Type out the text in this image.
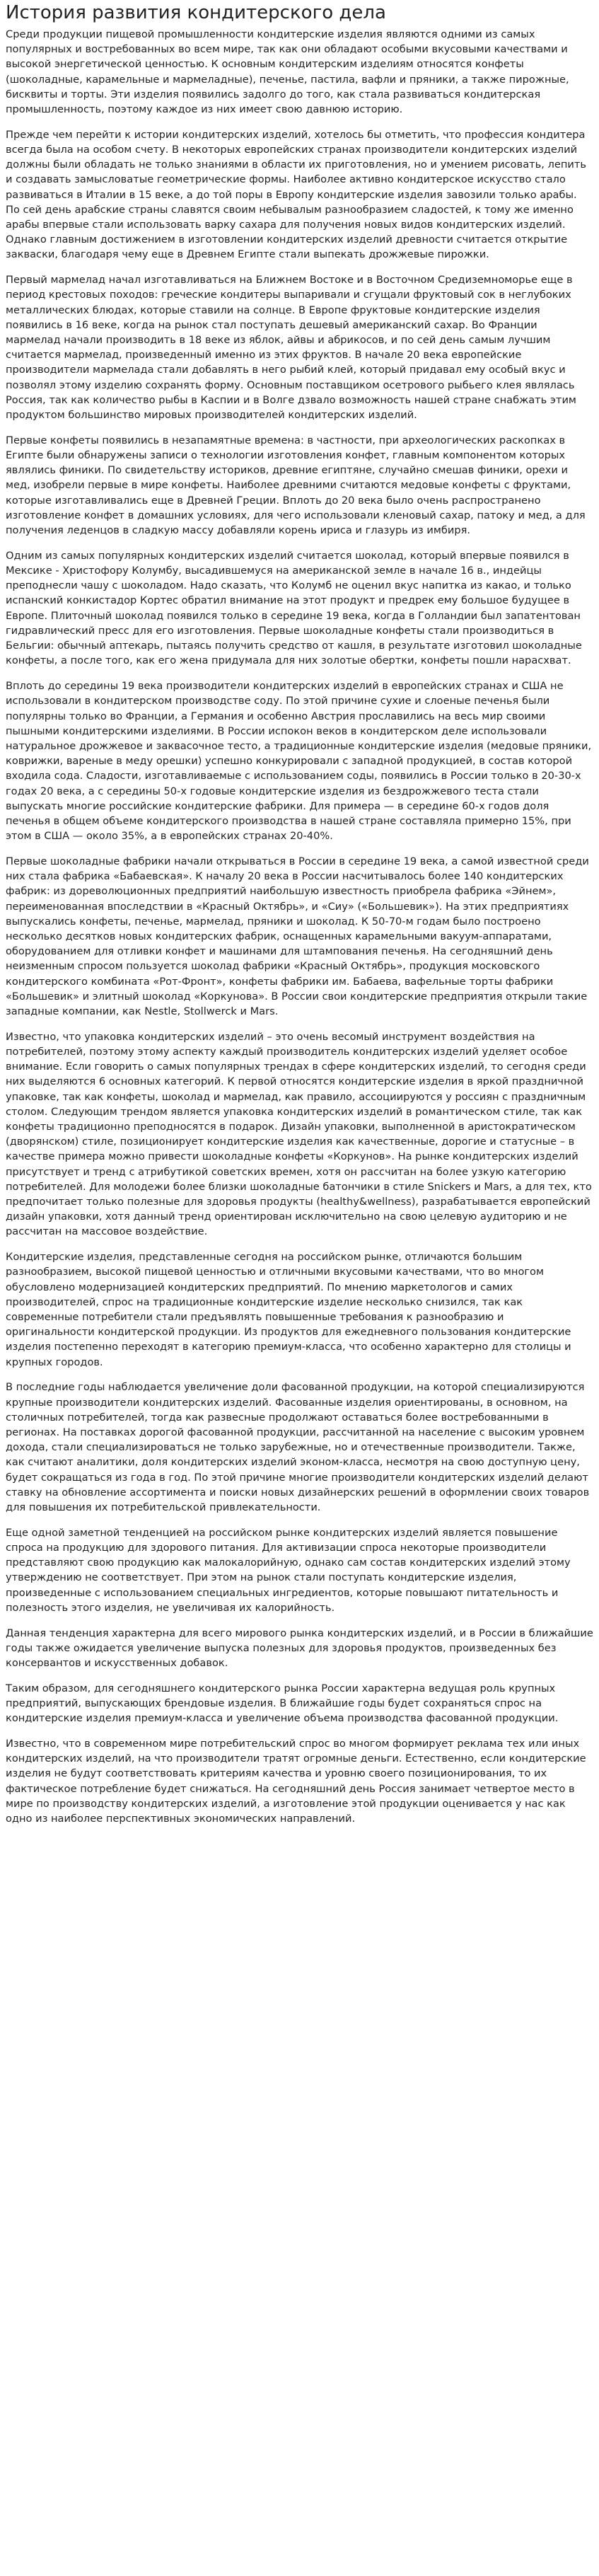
История развития кондитерского дела

Среди продукции пищевой промышленности кондитерские изделия являются одними из самых популярных и востребованных во всем мире, так как они обладают особыми вкусовыми качествами и высокой энергетической ценностью. К основным кондитерским изделиям относятся конфеты (шоколадные, карамельные и мармеладные), печенье, пастила, вафли и пряники, а также пирожные, бисквиты и торты. Эти изделия появились задолго до того, как стала развиваться кондитерская промышленность, поэтому каждое из них имеет свою давнюю историю.

Прежде чем перейти к истории кондитерских изделий, хотелось бы отметить, что профессия кондитера всегда была на особом счету. В некоторых европейских странах производители кондитерских изделий должны были обладать не только знаниями в области их приготовления, но и умением рисовать, лепить и создавать замысловатые геометрические формы. Наиболее активно кондитерское искусство стало развиваться в Италии в 15 веке, а до той поры в Европу кондитерские изделия завозили только арабы. По сей день арабские страны славятся своим небывалым разнообразием сладостей, к тому же именно арабы впервые стали использовать варку сахара для получения новых видов кондитерских изделий. Однако главным достижением в изготовлении кондитерских изделий древности считается открытие закваски, благодаря чему еще в Древнем Египте стали выпекать дрожжевые пирожки.

Первый мармелад начал изготавливаться на Ближнем Востоке и в Восточном Средиземноморье еще в период крестовых походов: греческие кондитеры выпаривали и сгущали фруктовый сок в неглубоких металлических блюдах, которые ставили на солнце. В Европе фруктовые кондитерские изделия появились в 16 веке, когда на рынок стал поступать дешевый американский сахар. Во Франции мармелад начали производить в 18 веке из яблок, айвы и абрикосов, и по сей день самым лучшим считается мармелад, произведенный именно из этих фруктов. В начале 20 века европейские производители мармелада стали добавлять в него рыбий клей, который придавал ему особый вкус и позволял этому изделию сохранять форму. Основным поставщиком осетрового рыбьего клея являлась Россия, так как количество рыбы в Каспии и в Волге дзвало возможность нашей стране снабжать этим продуктом большинство мировых производителей кондитерских изделий.

Первые конфеты появились в незапамятные времена: в частности, при археологических раскопках в Египте были обнаружены записи о технологии изготовления конфет, главным компонентом которых являлись финики. По свидетельству историков, древние египтяне, случайно смешав финики, орехи и мед, изобрели первые в мире конфеты. Наиболее древними считаются медовые конфеты с фруктами, которые изготавливались еще в Древней Греции. Вплоть до 20 века было очень распространено изготовление конфет в домашних условиях, для чего использовали кленовый сахар, патоку и мед, а для получения леденцов в сладкую массу добавляли корень ириса и глазурь из имбиря.

Одним из самых популярных кондитерских изделий считается шоколад, который впервые появился в Мексике - Христофору Колумбу, высадившемуся на американской земле в начале 16 в., индейцы преподнесли чашу с шоколадом. Надо сказать, что Колумб не оценил вкус напитка из какао, и только испанский конкистадор Кортес обратил внимание на этот продукт и предрек ему большое будущее в Европе. Плиточный шоколад появился только в середине 19 века, когда в Голландии был запатентован гидравлический пресс для его изготовления. Первые шоколадные конфеты стали производиться в Бельгии: обычный аптекарь, пытаясь получить средство от кашля, в результате изготовил шоколадные конфеты, а после того, как его жена придумала для них золотые обертки, конфеты пошли нарасхват.

Вплоть до середины 19 века производители кондитерских изделий в европейских странах и США не использовали в кондитерском производстве соду. По этой причине сухие и слоеные печенья были популярны только во Франции, а Германия и особенно Австрия прославились на весь мир своими пышными кондитерскими изделиями. В России испокон веков в кондитерском деле использовали натуральное дрожжевое и заквасочное тесто, а традиционные кондитерские изделия (медовые пряники, коврижки, вареные в меду орешки) успешно конкурировали с западной продукцией, в состав которой входила сода. Сладости, изготавливаемые с использованием соды, появились в России только в 20-30-х годах 20 века, а с середины 50-х годовые кондитерские изделия из бездрожжевого теста стали выпускать многие российские кондитерские фабрики. Для примера — в середине 60-х годов доля печенья в общем объеме кондитерского производства в нашей стране составляла примерно 15%, при этом в США — около 35%, а в европейских странах 20-40%.

Первые шоколадные фабрики начали открываться в России в середине 19 века, а самой известной среди них стала фабрика «Бабаевская». К началу 20 века в России насчитывалось более 140 кондитерских фабрик: из дореволюционных предприятий наибольшую известность приобрела фабрика «Эйнем», переименованная впоследствии в «Красный Октябрь», и «Сиу» («Большевик»). На этих предприятиях выпускались конфеты, печенье, мармелад, пряники и шоколад. К 50-70-м годам было построено несколько десятков новых кондитерских фабрик, оснащенных карамельными вакуум-аппаратами, оборудованием для отливки конфет и машинами для штампования печенья. На сегодняшний день неизменным спросом пользуется шоколад фабрики «Красный Октябрь», продукция московского кондитерского комбината «Рот-Фронт», конфеты фабрики им. Бабаева, вафельные торты фабрики «Большевик» и элитный шоколад «Коркунова». В России свои кондитерские предприятия открыли такие западные компании, как Nestle, Stollwerck и Mars.

Известно, что упаковка кондитерских изделий – это очень весомый инструмент воздействия на потребителей, поэтому этому аспекту каждый производитель кондитерских изделий уделяет особое внимание. Если говорить о самых популярных трендах в сфере кондитерских изделий, то сегодня среди них выделяются 6 основных категорий. К первой относятся кондитерские изделия в яркой праздничной упаковке, так как конфеты, шоколад и мармелад, как правило, ассоциируются у россиян с праздничным столом. Следующим трендом является упаковка кондитерских изделий в романтическом стиле, так как конфеты традиционно преподносятся в подарок. Дизайн упаковки, выполненной в аристократическом (дворянском) стиле, позиционирует кондитерские изделия как качественные, дорогие и статусные – в качестве примера можно привести шоколадные конфеты «Коркунов». На рынке кондитерских изделий присутствует и тренд с атрибутикой советских времен, хотя он рассчитан на более узкую категорию потребителей. Для молодежи более близки шоколадные батончики в стиле Snickers и Mars, а для тех, кто предпочитает только полезные для здоровья продукты (healthy&wellness), разрабатывается европейский дизайн упаковки, хотя данный тренд ориентирован исключительно на свою целевую аудиторию и не рассчитан на массовое воздействие.

Кондитерские изделия, представленные сегодня на российском рынке, отличаются большим разнообразием, высокой пищевой ценностью и отличными вкусовыми качествами, что во многом обусловлено модернизацией кондитерских предприятий. По мнению маркетологов и самих производителей, спрос на традиционные кондитерские изделие несколько снизился, так как современные потребители стали предъявлять повышенные требования к разнообразию и оригинальности кондитерской продукции. Из продуктов для ежедневного пользования кондитерские изделия постепенно переходят в категорию премиум-класса, что особенно характерно для столицы и крупных городов.

В последние годы наблюдается увеличение доли фасованной продукции, на которой специализируются крупные производители кондитерских изделий. Фасованные изделия ориентированы, в основном, на столичных потребителей, тогда как развесные продолжают оставаться более востребованными в регионах. На поставках дорогой фасованной продукции, рассчитанной на население с высоким уровнем дохода, стали специализироваться не только зарубежные, но и отечественные производители. Также, как считают аналитики, доля кондитерских изделий эконом-класса, несмотря на свою доступную цену, будет сокращаться из года в год. По этой причине многие производители кондитерских изделий делают ставку на обновление ассортимента и поиски новых дизайнерских решений в оформлении своих товаров для повышения их потребительской привлекательности.

Еще одной заметной тенденцией на российском рынке кондитерских изделий является повышение спроса на продукцию для здорового питания. Для активизации спроса некоторые производители представляют свою продукцию как малокалорийную, однако сам состав кондитерских изделий этому утверждению не соответствует. При этом на рынок стали поступать кондитерские изделия, произведенные с использованием специальных ингредиентов, которые повышают питательность и полезность этого изделия, не увеличивая их калорийность.

Данная тенденция характерна для всего мирового рынка кондитерских изделий, и в России в ближайшие годы также ожидается увеличение выпуска полезных для здоровья продуктов, произведенных без консервантов и искусственных добавок.

Таким образом, для сегодняшнего кондитерского рынка России характерна ведущая роль крупных предприятий, выпускающих брендовые изделия. В ближайшие годы будет сохраняться спрос на кондитерские изделия премиум-класса и увеличение объема производства фасованной продукции.

Известно, что в современном мире потребительский спрос во многом формирует реклама тех или иных кондитерских изделий, на что производители тратят огромные деньги. Естественно, если кондитерские изделия не будут соответствовать критериям качества и уровню своего позиционирования, то их фактическое потребление будет снижаться. На сегодняшний день Россия занимает четвертое место в мире по производству кондитерских изделий, а изготовление этой продукции оценивается у нас как одно из наиболее перспективных экономических направлений.
